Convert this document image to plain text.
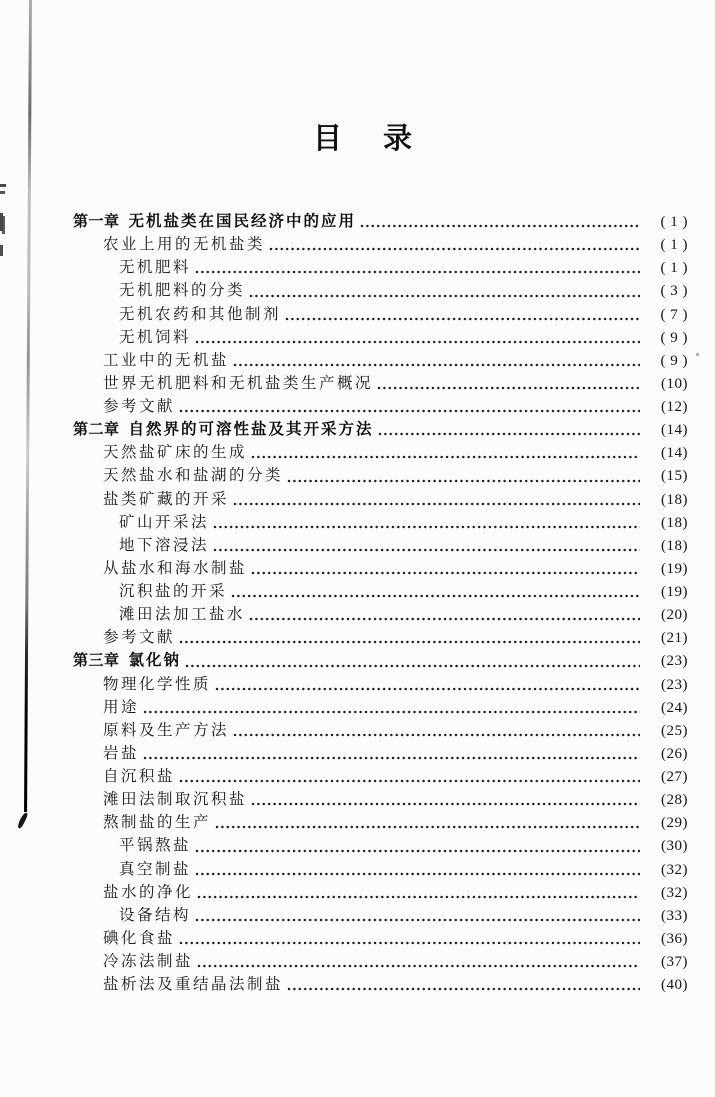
目　录
第一章 无机盐类在国民经济中的应用	( 1 )
农业上用的无机盐类	( 1 )
无机肥料	( 1 )
无机肥料的分类	( 3 )
无机农药和其他制剂	( 7 )
无机饲料	( 9 )
工业中的无机盐	( 9 )
世界无机肥料和无机盐类生产概况	(10)
参考文献	(12)
第二章 自然界的可溶性盐及其开采方法	(14)
天然盐矿床的生成	(14)
天然盐水和盐湖的分类	(15)
盐类矿藏的开采	(18)
矿山开采法	(18)
地下溶浸法	(18)
从盐水和海水制盐	(19)
沉积盐的开采	(19)
滩田法加工盐水	(20)
参考文献	(21)
第三章 氯化钠	(23)
物理化学性质	(23)
用途	(24)
原料及生产方法	(25)
岩盐	(26)
自沉积盐	(27)
滩田法制取沉积盐	(28)
熬制盐的生产	(29)
平锅熬盐	(30)
真空制盐	(32)
盐水的净化	(32)
设备结构	(33)
碘化食盐	(36)
冷冻法制盐	(37)
盐析法及重结晶法制盐	(40)
